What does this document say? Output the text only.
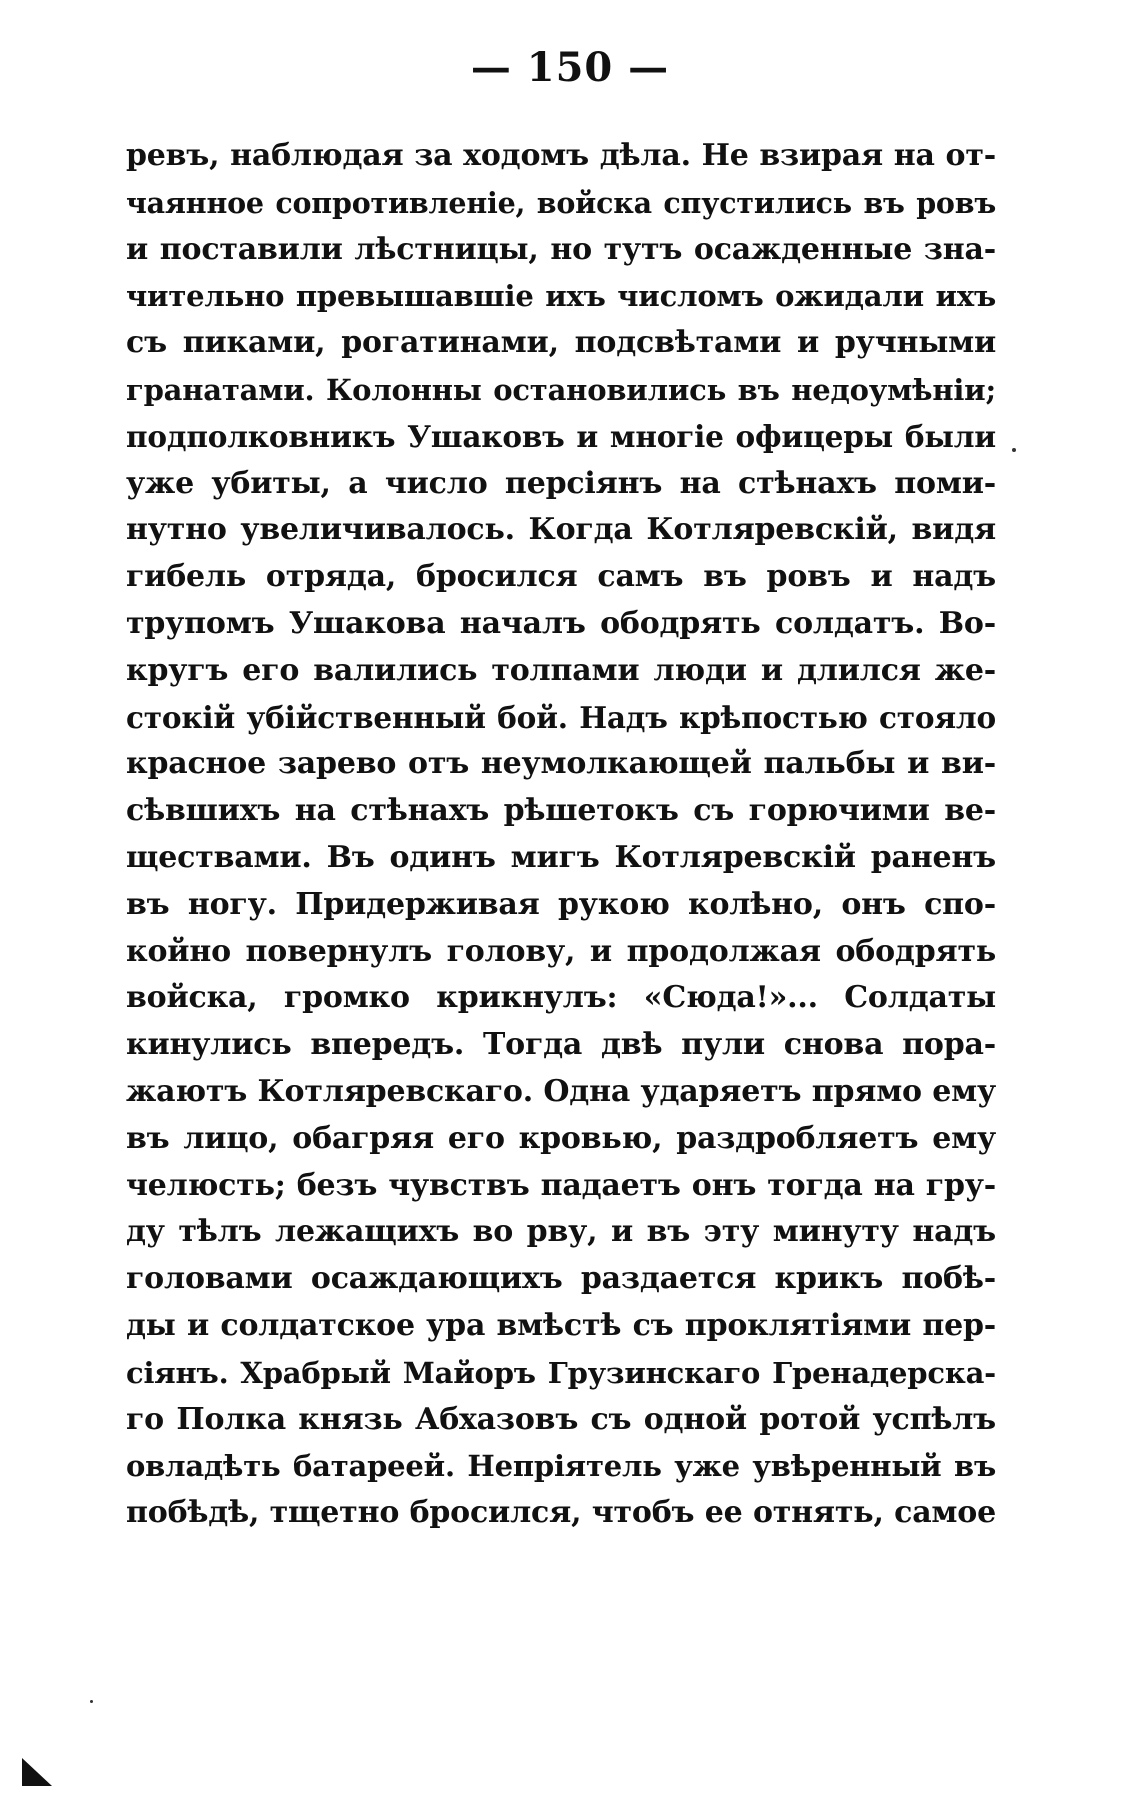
— 150 —
ревъ, наблюдая за ходомъ дѣла. Не взирая на от-
чаянное сопротивленіе, войска спустились въ ровъ
и поставили лѣстницы, но тутъ осажденные зна-
чительно превышавшіе ихъ числомъ ожидали ихъ
съ пиками, рогатинами, подсвѣтами и ручными
гранатами. Колонны остановились въ недоумѣніи;
подполковникъ Ушаковъ и многіе офицеры были
уже убиты, а число персіянъ на стѣнахъ поми-
нутно увеличивалось. Когда Котляревскій, видя
гибель отряда, бросился самъ въ ровъ и надъ
трупомъ Ушакова началъ ободрять солдатъ. Во-
кругъ его валились толпами люди и длился же-
стокій убійственный бой. Надъ крѣпостью стояло
красное зарево отъ неумолкающей пальбы и ви-
сѣвшихъ на стѣнахъ рѣшетокъ съ горючими ве-
ществами. Въ одинъ мигъ Котляревскій раненъ
въ ногу. Придерживая рукою колѣно, онъ спо-
койно повернулъ голову, и продолжая ободрять
войска, громко крикнулъ: «Сюда!»... Солдаты
кинулись впередъ. Тогда двѣ пули снова пора-
жаютъ Котляревскаго. Одна ударяетъ прямо ему
въ лицо, обагряя его кровью, раздробляетъ ему
челюсть; безъ чувствъ падаетъ онъ тогда на гру-
ду тѣлъ лежащихъ во рву, и въ эту минуту надъ
головами осаждающихъ раздается крикъ побѣ-
ды и солдатское ура вмѣстѣ съ проклятіями пер-
сіянъ. Храбрый Майоръ Грузинскаго Гренадерска-
го Полка князь Абхазовъ съ одной ротой успѣлъ
овладѣть батареей. Непріятель уже увѣренный въ
побѣдѣ, тщетно бросился, чтобъ ее отнять, самое
